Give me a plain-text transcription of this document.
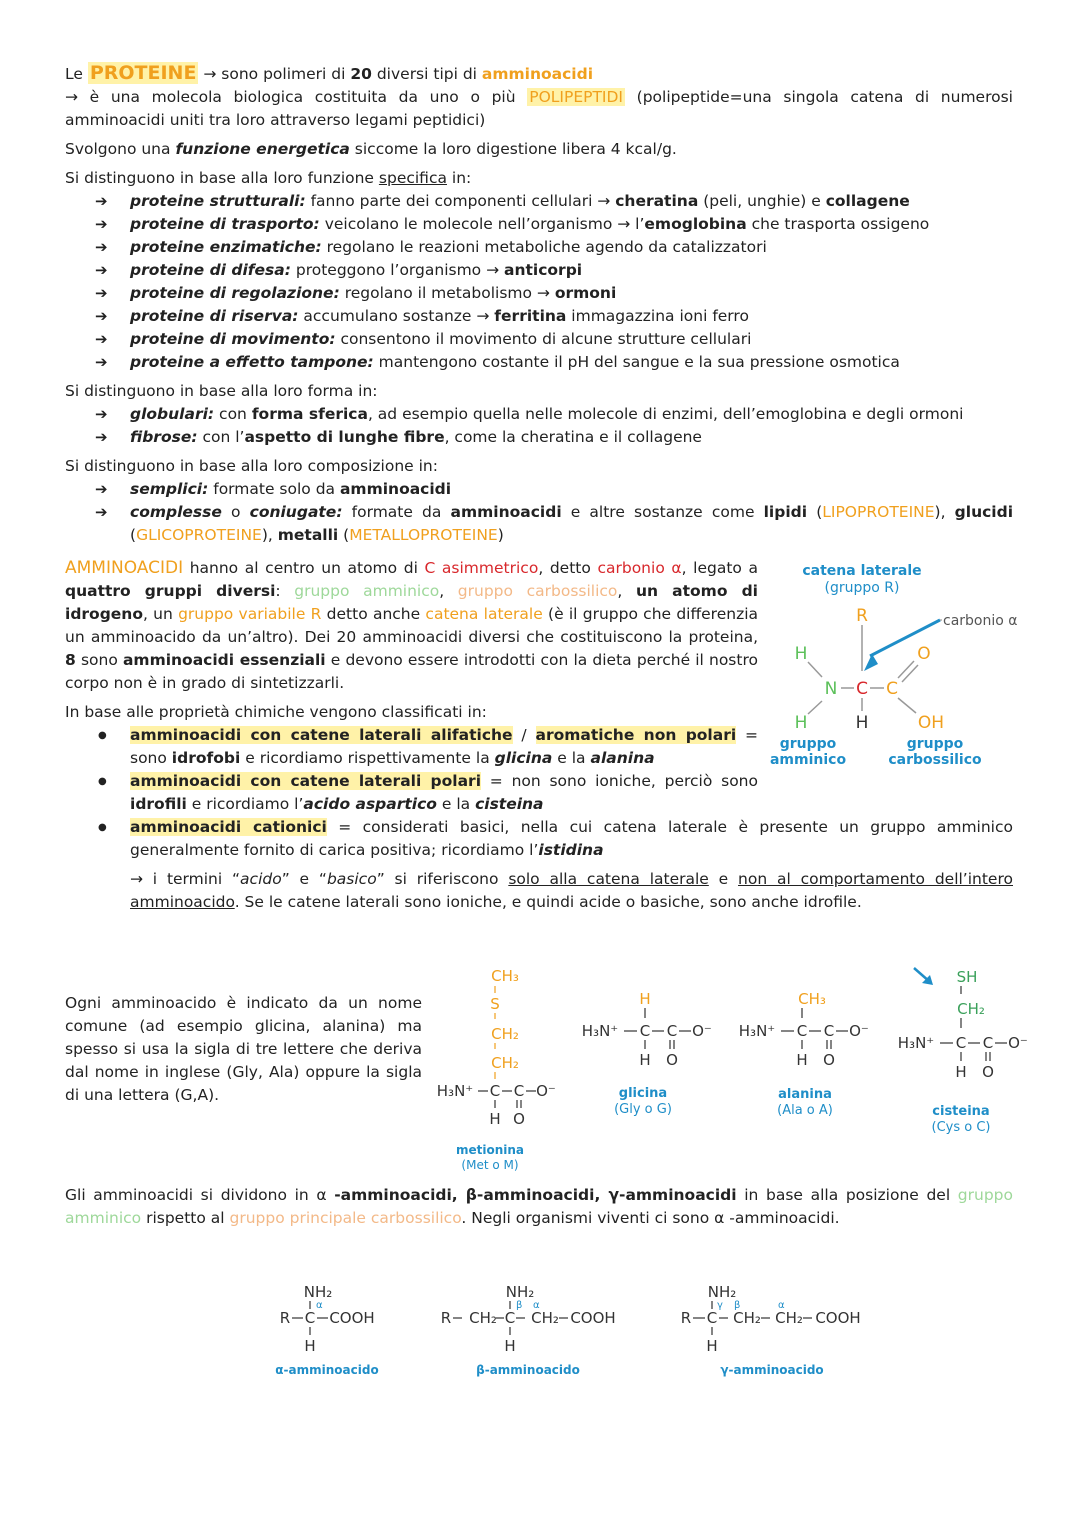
Le PROTEINE → sono polimeri di 20 diversi tipi di amminoacidi

→ è una molecola biologica costituita da uno o più POLIPEPTIDI (polipeptide=una singola catena di numerosi amminoacidi uniti tra loro attraverso legami peptidici)

Svolgono una funzione energetica siccome la loro digestione libera 4 kcal/g.

Si distinguono in base alla loro funzione specifica in:

➔ proteine strutturali: fanno parte dei componenti cellulari → cheratina (peli, unghie) e collagene
➔ proteine di trasporto: veicolano le molecole nell’organismo → l’emoglobina che trasporta ossigeno
➔ proteine enzimatiche: regolano le reazioni metaboliche agendo da catalizzatori
➔ proteine di difesa: proteggono l’organismo → anticorpi
➔ proteine di regolazione: regolano il metabolismo → ormoni
➔ proteine di riserva: accumulano sostanze → ferritina immagazzina ioni ferro
➔ proteine di movimento: consentono il movimento di alcune strutture cellulari
➔ proteine a effetto tampone: mantengono costante il pH del sangue e la sua pressione osmotica

Si distinguono in base alla loro forma in:

➔ globulari: con forma sferica, ad esempio quella nelle molecole di enzimi, dell’emoglobina e degli ormoni
➔ fibrose: con l’aspetto di lunghe fibre, come la cheratina e il collagene

Si distinguono in base alla loro composizione in:

➔ semplici: formate solo da amminoacidi
➔ complesse o coniugate: formate da amminoacidi e altre sostanze come lipidi (LIPOPROTEINE), glucidi (GLICOPROTEINE), metalli (METALLOPROTEINE)

AMMINOACIDI hanno al centro un atomo di C asimmetrico, detto carbonio α, legato a quattro gruppi diversi: gruppo amminico, gruppo carbossilico, un atomo di idrogeno, un gruppo variabile R detto anche catena laterale (è il gruppo che differenzia un amminoacido da un’altro). Dei 20 amminoacidi diversi che costituiscono la proteina, 8 sono amminoacidi essenziali e devono essere introdotti con la dieta perché il nostro corpo non è in grado di sintetizzarli.

In base alle proprietà chimiche vengono classificati in:

● amminoacidi con catene laterali alifatiche / aromatiche non polari = sono idrofobi e ricordiamo rispettivamente la glicina e la alanina
● amminoacidi con catene laterali polari = non sono ioniche, perciò sono idrofili e ricordiamo l’acido aspartico e la cisteina
● amminoacidi cationici = considerati basici, nella cui catena laterale è presente un gruppo amminico generalmente fornito di carica positiva; ricordiamo l’istidina

→ i termini “acido” e “basico” si riferiscono solo alla catena laterale e non al comportamento dell’intero amminoacido. Se le catene laterali sono ioniche, e quindi acide o basiche, sono anche idrofile.

Ogni amminoacido è indicato da un nome comune (ad esempio glicina, alanina) ma spesso si usa la sigla di tre lettere che deriva dal nome in inglese (Gly, Ala) oppure la sigla di una lettera (G,A).

Gli amminoacidi si dividono in α -amminoacidi, β-amminoacidi, γ-amminoacidi in base alla posizione del gruppo amminico rispetto al gruppo principale carbossilico. Negli organismi viventi ci sono α -amminoacidi.

catena laterale
(gruppo R)
R	carbonio α
H
N C C
O
OH
H	H
gruppo
amminico
gruppo
carbossilico
CH₃
S
CH₂
CH₂
H₃N⁺ C C O⁻
H O
metionina
(Met o M)
H
H₃N⁺ C C O⁻
H O
glicina
(Gly o G)
CH₃
H₃N⁺ C C O⁻
H O
alanina
(Ala o A)
SH
CH₂
H₃N⁺ C C O⁻
H O
cisteina
(Cys o C)
NH₂
α
R C COOH
H
α-amminoacido
NH₂
β α
R CH₂ C CH₂ COOH
H
β-amminoacido
NH₂
γ β	α
R C CH₂ CH₂ COOH
H
γ-amminoacido
